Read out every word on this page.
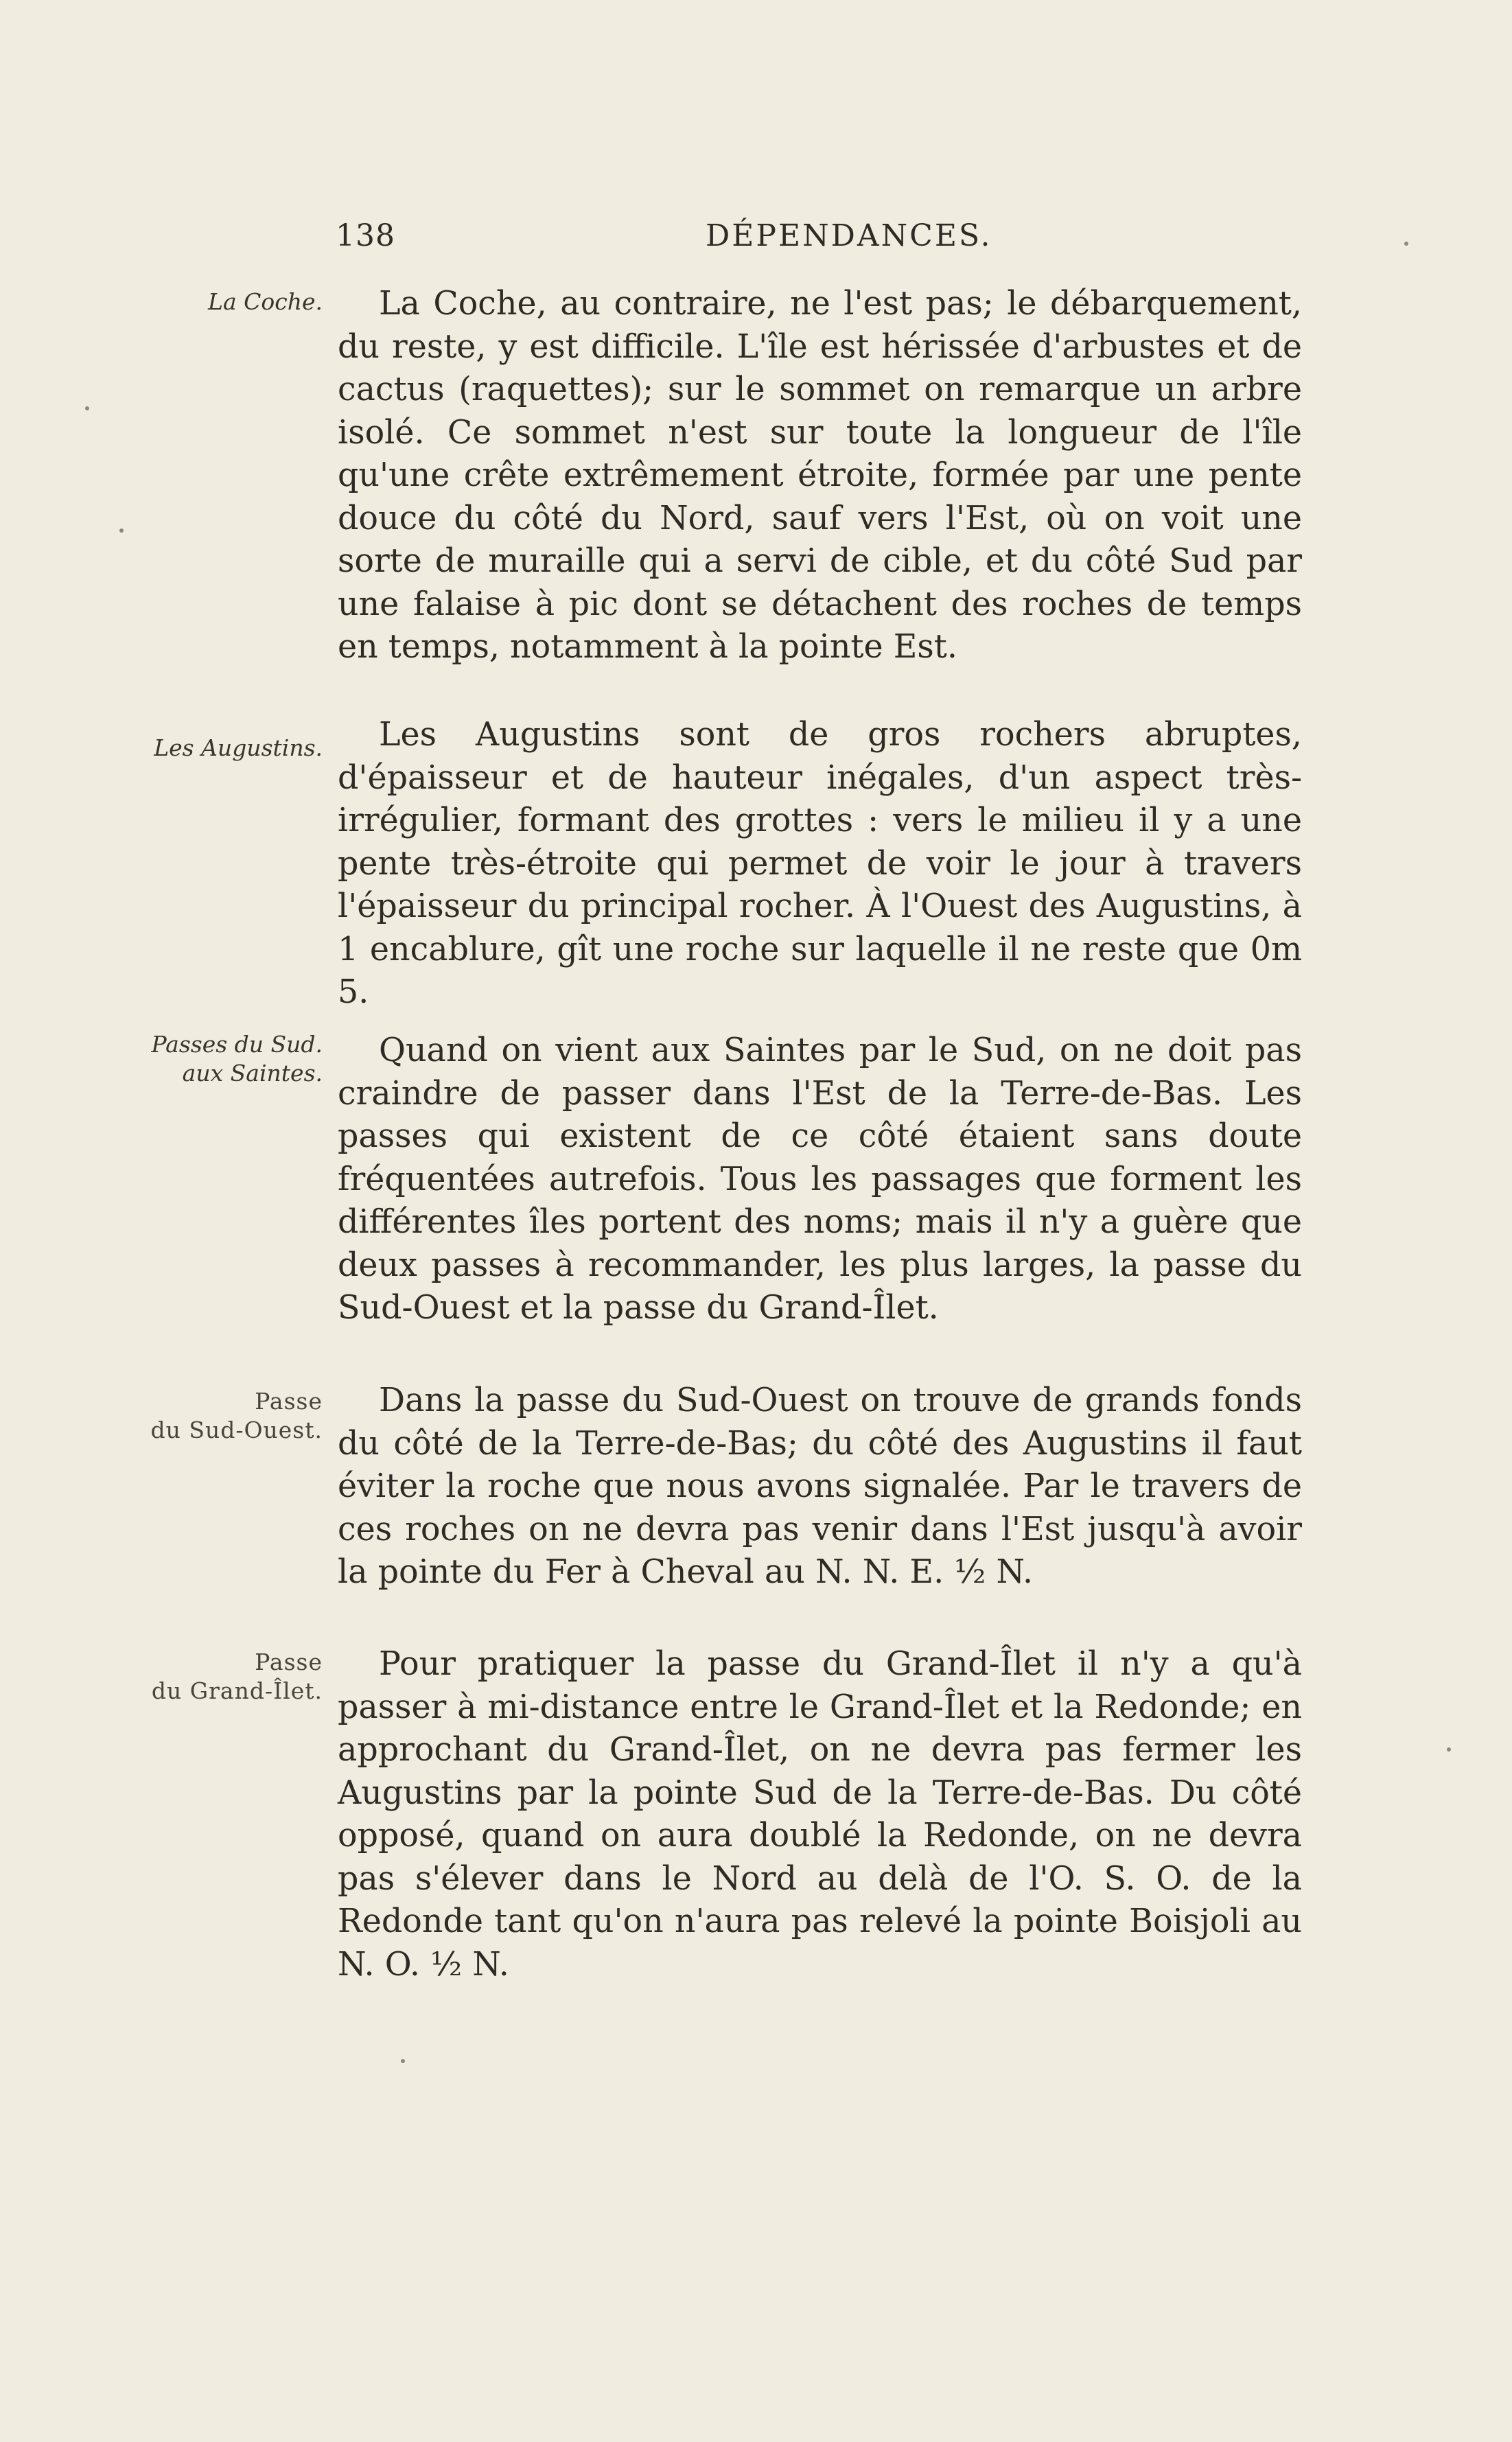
138	DÉPENDANCES.
La Coche.	La Coche, au contraire, ne l'est pas; le débarquement, du reste, y est difficile. L'île est hérissée d'arbustes et de cactus (raquettes); sur le sommet on remarque un arbre isolé. Ce sommet n'est sur toute la longueur de l'île qu'une crête extrêmement étroite, formée par une pente douce du côté du Nord, sauf vers l'Est, où on voit une sorte de muraille qui a servi de cible, et du côté Sud par une falaise à pic dont se détachent des roches de temps en temps, notamment à la pointe Est.

Les Augustins.	Les Augustins sont de gros rochers abruptes, d'épaisseur et de hauteur inégales, d'un aspect très-irrégulier, formant des grottes : vers le milieu il y a une pente très-étroite qui permet de voir le jour à travers l'épaisseur du principal rocher. À l'Ouest des Augustins, à 1 encablure, gît une roche sur laquelle il ne reste que 0m 5.

Passes du Sud.
aux Saintes.

Quand on vient aux Saintes par le Sud, on ne doit pas craindre de passer dans l'Est de la Terre-de-Bas. Les passes qui existent de ce côté étaient sans doute fréquentées autrefois. Tous les passages que forment les différentes îles portent des noms; mais il n'y a guère que deux passes à recommander, les plus larges, la passe du Sud-Ouest et la passe du Grand-Îlet.

Passe
du Sud-Ouest.

Dans la passe du Sud-Ouest on trouve de grands fonds du côté de la Terre-de-Bas; du côté des Augustins il faut éviter la roche que nous avons signalée. Par le travers de ces roches on ne devra pas venir dans l'Est jusqu'à avoir la pointe du Fer à Cheval au N. N. E. ½ N.

Passe
du Grand-Îlet.

Pour pratiquer la passe du Grand-Îlet il n'y a qu'à passer à mi-distance entre le Grand-Îlet et la Redonde; en approchant du Grand-Îlet, on ne devra pas fermer les Augustins par la pointe Sud de la Terre-de-Bas. Du côté opposé, quand on aura doublé la Redonde, on ne devra pas s'élever dans le Nord au delà de l'O. S. O. de la Redonde tant qu'on n'aura pas relevé la pointe Boisjoli au N. O. ½ N.
